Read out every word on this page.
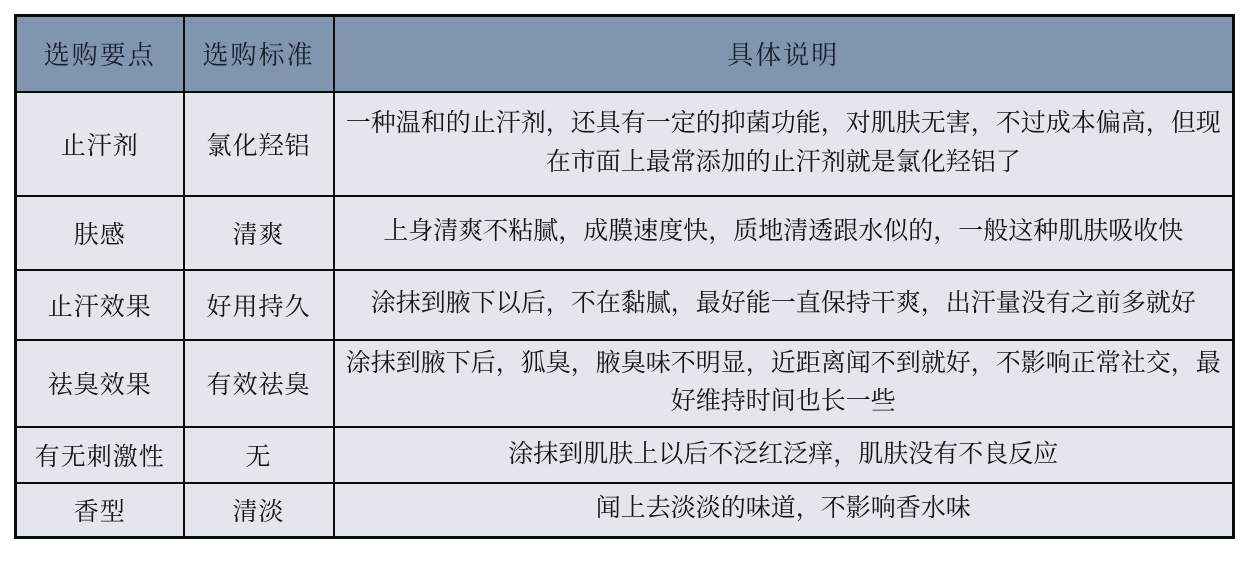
选购要点	选购标准	具体说明
止汗剂	氯化羟铝	一种温和的止汗剂，还具有一定的抑菌功能，对肌肤无害，不过成本偏高，但现在市面上最常添加的止汗剂就是氯化羟铝了
肤感	清爽	上身清爽不粘腻，成膜速度快，质地清透跟水似的，一般这种肌肤吸收快
止汗效果	好用持久	涂抹到腋下以后，不在黏腻，最好能一直保持干爽，出汗量没有之前多就好
祛臭效果	有效祛臭	涂抹到腋下后，狐臭，腋臭味不明显，近距离闻不到就好，不影响正常社交，最好维持时间也长一些
有无刺激性	无	涂抹到肌肤上以后不泛红泛痒，肌肤没有不良反应
香型	清淡	闻上去淡淡的味道，不影响香水味
